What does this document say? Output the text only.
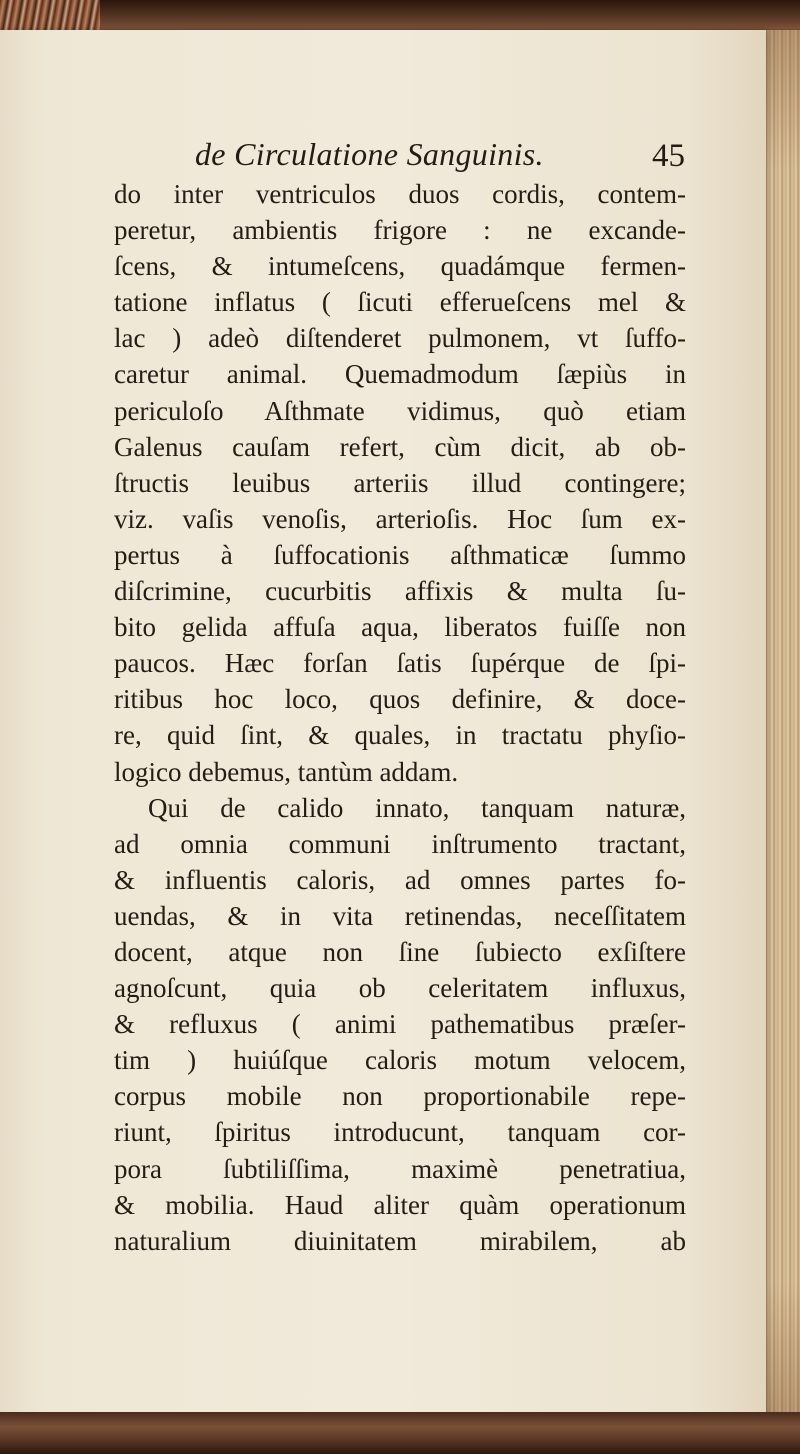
de Circulatione Sanguinis.	45
do inter ventriculos duos cordis, contem-
peretur, ambientis frigore : ne excande-
ſcens, & intumeſcens, quadámque fermen-
tatione inflatus ( ſicuti efferueſcens mel &
lac ) adeò diſtenderet pulmonem, vt ſuffo-
caretur animal. Quemadmodum ſæpiùs in
periculoſo Aſthmate vidimus, quò etiam
Galenus cauſam refert, cùm dicit, ab ob-
ſtructis leuibus arteriis illud contingere;
viz. vaſis venoſis, arterioſis. Hoc ſum ex-
pertus à ſuffocationis aſthmaticæ ſummo
diſcrimine, cucurbitis affixis & multa ſu-
bito gelida affuſa aqua, liberatos fuiſſe non
paucos. Hæc forſan ſatis ſupérque de ſpi-
ritibus hoc loco, quos definire, & doce-
re, quid ſint, & quales, in tractatu phyſio-
logico debemus, tantùm addam.
Qui de calido innato, tanquam naturæ,
ad omnia communi inſtrumento tractant,
& influentis caloris, ad omnes partes fo-
uendas, & in vita retinendas, neceſſitatem
docent, atque non ſine ſubiecto exſiſtere
agnoſcunt, quia ob celeritatem influxus,
& refluxus ( animi pathematibus præſer-
tim ) huiúſque caloris motum velocem,
corpus mobile non proportionabile repe-
riunt, ſpiritus introducunt, tanquam cor-
pora ſubtiliſſima, maximè penetratiua,
& mobilia. Haud aliter quàm operationum
naturalium diuinitatem mirabilem, ab
